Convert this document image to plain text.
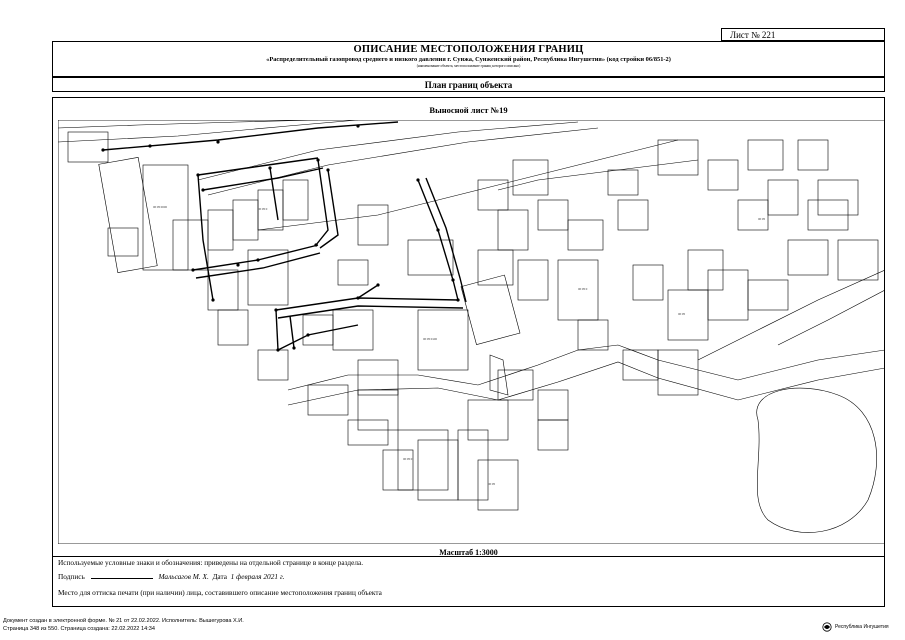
Лист № 221
ОПИСАНИЕ МЕСТОПОЛОЖЕНИЯ ГРАНИЦ
«Распределительный газопровод среднего и низкого давления г. Сунжа, Сунженский район, Республика Ингушетия» (код стройки 06/851-2)
(наименование объекта, местоположение границ которого описано)
План границ объекта
Выносной лист №19
06:05:0000	06:05:0
06:05:0100
06:05:0
06:05
06:05
06:05:0
06:05
Масштаб 1:3000
Используемые условные знаки и обозначения: приведены на отдельной странице в конце раздела.
Подпись	Мальсагов М. Х. Дата 1 февраля 2021 г.
Место для оттиска печати (при наличии) лица, составившего описание местоположения границ объекта
Документ создан в электронной форме. № 21 от 22.02.2022. Исполнитель: Вышегурова Х.И.
Страница 348 из 550. Страница создана: 22.02.2022 14:34	Республика Ингушетия
